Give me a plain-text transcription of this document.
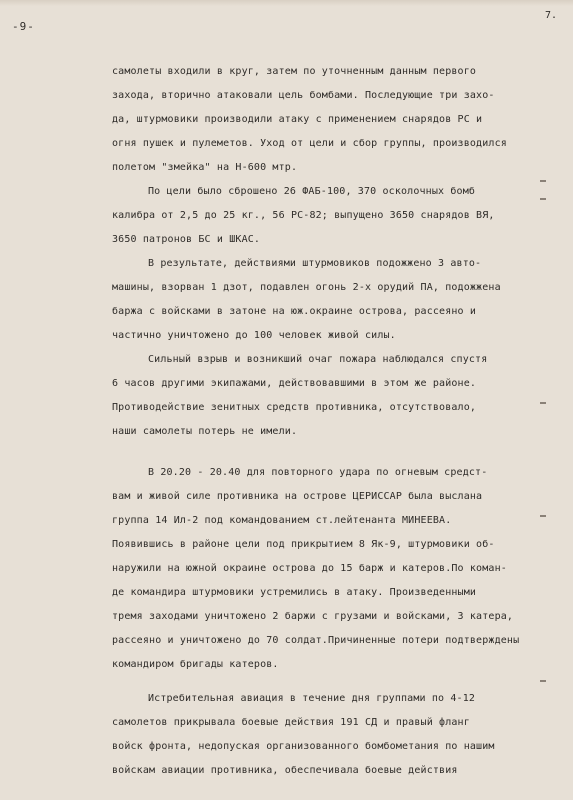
-9-
7.
самолеты входили в круг, затем по уточненным данным первого
захода, вторично атаковали цель бомбами. Последующие три захо-
да, штурмовики производили атаку с применением снарядов РС и
огня пушек и пулеметов. Уход от цели и сбор группы, производился
полетом "змейка" на Н-600 мтр.
По цели было сброшено 26 ФАБ-100, 370 осколочных бомб
калибра от 2,5 до 25 кг., 56 РС-82; выпущено 3650 снарядов ВЯ,
3650 патронов БС и ШКАС.
В результате, действиями штурмовиков подожжено 3 авто-
машины, взорван 1 дзот, подавлен огонь 2-х орудий ПА, подожжена
баржа с войсками в затоне на юж.окраине острова, рассеяно и
частично уничтожено до 100 человек живой силы.
Сильный взрыв и возникший очаг пожара наблюдался спустя
6 часов другими экипажами, действовавшими в этом же районе.
Противодействие зенитных средств противника, отсутствовало,
наши самолеты потерь не имели.
В 20.20 - 20.40 для повторного удара по огневым средст-
вам и живой силе противника на острове ЦЕРИССАР была выслана
группа 14 Ил-2 под командованием ст.лейтенанта МИНЕЕВА.
Появившись в районе цели под прикрытием 8 Як-9, штурмовики об-
наружили на южной окраине острова до 15 барж и катеров.По коман-
де командира штурмовики устремились в атаку. Произведенными
тремя заходами уничтожено 2 баржи с грузами и войсками, 3 катера,
рассеяно и уничтожено до 70 солдат.Причиненные потери подтверждены
командиром бригады катеров.
Истребительная авиация в течение дня группами по 4-12
самолетов прикрывала боевые действия 191 СД и правый фланг
войск фронта, недопуская организованного бомбометания по нашим
войскам авиации противника, обеспечивала боевые действия
